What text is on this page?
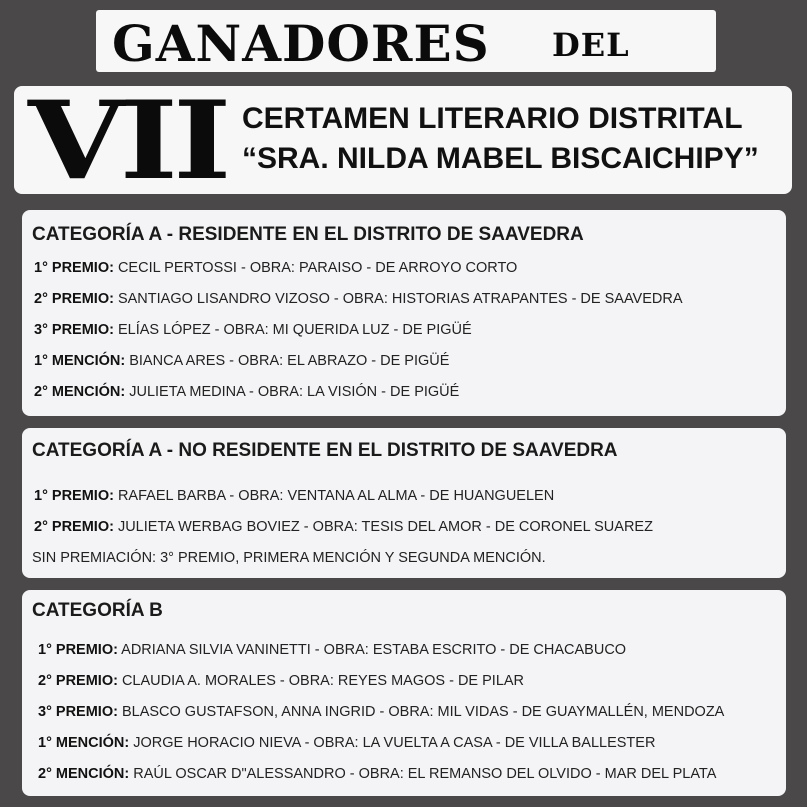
GANADORES DEL
VII CERTAMEN LITERARIO DISTRITAL
“SRA. NILDA MABEL BISCAICHIPY”
CATEGORÍA A - RESIDENTE EN EL DISTRITO DE SAAVEDRA
1° PREMIO: CECIL PERTOSSI - OBRA: PARAISO - DE ARROYO CORTO
2° PREMIO: SANTIAGO LISANDRO VIZOSO - OBRA: HISTORIAS ATRAPANTES - DE SAAVEDRA
3° PREMIO: ELÍAS LÓPEZ - OBRA: MI QUERIDA LUZ - DE PIGÜÉ
1° MENCIÓN: BIANCA ARES - OBRA: EL ABRAZO - DE PIGÜÉ
2° MENCIÓN: JULIETA MEDINA - OBRA: LA VISIÓN - DE PIGÜÉ
CATEGORÍA A - NO RESIDENTE EN EL DISTRITO DE SAAVEDRA
1° PREMIO: RAFAEL BARBA - OBRA: VENTANA AL ALMA - DE HUANGUELEN
2° PREMIO: JULIETA WERBAG BOVIEZ - OBRA: TESIS DEL AMOR - DE CORONEL SUAREZ
SIN PREMIACIÓN: 3° PREMIO, PRIMERA MENCIÓN Y SEGUNDA MENCIÓN.
CATEGORÍA B
1° PREMIO: ADRIANA SILVIA VANINETTI - OBRA: ESTABA ESCRITO - DE CHACABUCO
2° PREMIO: CLAUDIA A. MORALES - OBRA: REYES MAGOS - DE PILAR
3° PREMIO: BLASCO GUSTAFSON, ANNA INGRID - OBRA: MIL VIDAS - DE GUAYMALLÉN, MENDOZA
1° MENCIÓN: JORGE HORACIO NIEVA - OBRA: LA VUELTA A CASA - DE VILLA BALLESTER
2° MENCIÓN: RAÚL OSCAR D"ALESSANDRO - OBRA: EL REMANSO DEL OLVIDO - MAR DEL PLATA
